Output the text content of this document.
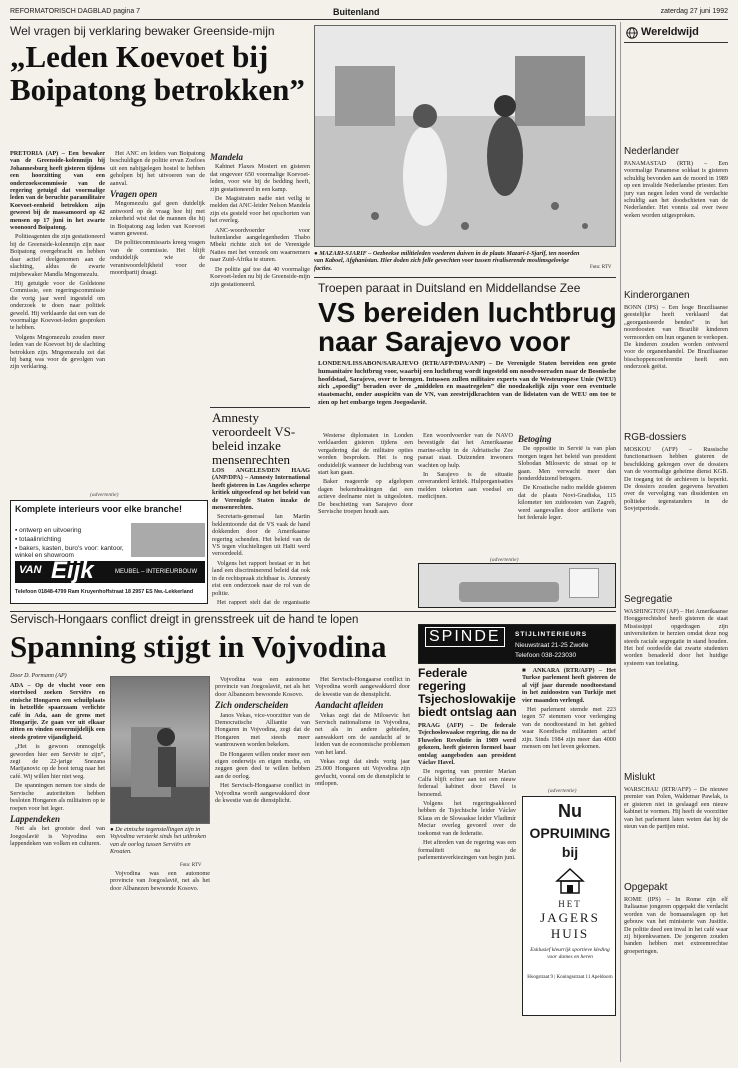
REFORMATORISCH DAGBLAD pagina 7	Buitenland	zaterdag 27 juni 1992
Wel vragen bij verklaring bewaker Greenside-mijn
„Leden Koevoet bij Boipatong betrokken”

PRETORIA (AP) – Een bewaker van de Greenside-kolenmijn bij Johannesburg heeft gisteren tijdens een hoorzitting van een onderzoekscommissie van de regering getuigd dat voormalige leden van de beruchte paramilitaire Koevoet-eenheid betrokken zijn geweest bij de massamoord op 42 mensen op 17 juni in het zwarte woonoord Boipatong.

Politieagenten die zijn gestationeerd bij de Greenside-kolenmijn zijn naar Boipatong overgebracht en hebben daar actief deelgenomen aan de slachting, aldus de zwarte mijnbewaker Mandla Mngomezulu.

Hij getuigde voor de Goldstone Commissie, een regeringscommissie die vorig jaar werd ingesteld om onderzoek te doen naar politiek geweld. Hij verklaarde dat een van de voormalige Koevoet-leden gesproken te hebben.

Volgens Mngomezulu zouden meer leden van de Koevoet bij de slachting betrokken zijn. Mngomezulu zei dat hij bang was voor de gevolgen van zijn verklaring.

Het ANC en leiders van Boipatong beschuldigen de politie ervan Zoeloes uit een nabijgelegen hostel te hebben geholpen bij het uitvoeren van de aanval.

Vragen open

Mngomezulu gaf geen duidelijk antwoord op de vraag hoe hij met zekerheid wist dat de mannen die hij in Boipatong zag leden van Koevoet waren geweest.

De politiecommissaris kreeg vragen van de commissie. Het blijft onduidelijk wie de verantwoordelijkheid voor de moordpartij draagt.

Mandela

Kabinet Flaxes Mostert en gisteren dat ongeveer 650 voormalige Koevoet-leden, voor wie bij de bedding heeft, zijn gestationeerd in een kamp.

De Magistraten nadie niet veilig te melden dat ANC-leider Nelson Mandela zijn eis gesteld voor het opschorten van het overleg.

ANC-woordvoerder voor buitenlandse aangelegenheden Thabo Mbeki richtte zich tot de Verenigde Naties met het verzoek om waarnemers naar Zuid-Afrika te sturen.

De politie gaf toe dat 40 voormalige Koevoet-leden nu bij de Greenside-mijn zijn gestationeerd.

● MAZARI-SJARIF – Oezbeekse militieleden voederen duiven in de plaats Mazari-I-Sjarif, ten noorden van Kaboel, Afghanistan. Hier doden zich felle gevechten voor tussen rivaliserende moslimsgelovige facties.	Foto: RTV
Amnesty veroordeelt VS-beleid inzake mensenrechten

LOS ANGELES/DEN HAAG (ANP/DPA) – Amnesty International heeft gisteren in Los Angeles scherpe kritiek uitgeoefend op het beleid van de Verenigde Staten inzake de mensenrechten.

Secretaris-generaal Ian Martin beklemtoonde dat de VS vaak de hand dokkenden door de Amerikaanse regering schenden. Het beleid van de VS tegen vluchtelingen uit Haïti werd veroordeeld.

Volgens het rapport bestaat er in het land een discriminerend beleid dat ook in de rechtspraak zichtbaar is. Amnesty eist een onderzoek naar de rol van de politie.

Het rapport stelt dat de organisatie

(advertentie)
Komplete interieurs voor elke branche!
▪ ontwerp en uitvoering
▪ totaalinrichting
▪ bakers, kasten, buro's voor: kantoor, winkel en showroom
VAN Eijk	MEUBEL – INTERIEURBOUW
Telefoon 01848-4799 Ram Kruyenhoffstraat 18 2957 ES Nw.-Lekkerland
Troepen paraat in Duitsland en Middellandse Zee
VS bereiden luchtbrug naar Sarajevo voor

LONDEN/LISSABON/SARAJEVO (RTR/AFP/DPA/ANP) – De Verenigde Staten bereiden een grote humanitaire luchtbrug voor, waarbij een luchtbrug wordt ingesteld om noodvoorraden naar de Bosnische hoofdstad, Sarajevo, over te brengen. Intussen zullen militaire experts van de Westeuropese Unie (WEU) zich „spoedig” beraden over de „middelen en maatregelen” die noodzakelijk zijn voor een eventuele staatsmacht, onder auspiciën van de VN, van zeestrijdkrachten van de lidstaten van de WEU om toe te zien op het embargo tegen Joegoslavië.

Westerse diplomaten in Londen verklaarden gisteren tijdens een vergadering dat de militaire opties worden besproken. Het is nog onduidelijk wanneer de luchtbrug van start kan gaan.

Baker reageerde op afgelopen dagen bekendmakingen dat een actieve deelname niet is uitgesloten. De beschieting van Sarajevo door Servische troepen houdt aan.

Een woordvoerder van de NAVO bevestigde dat het Amerikaanse marine-schip in de Adriatische Zee paraat staat. Duizenden inwoners wachten op hulp.

In Sarajevo is de situatie onveranderd kritiek. Hulporganisaties melden tekorten aan voedsel en medicijnen.

Betoging

De oppositie in Servië is van plan morgen tegen het beleid van president Slobodan Milosevic de straat op te gaan. Men verwacht meer dan honderdduizend betogers.

De Kroatische radio meldde gisteren dat de plaats Novi-Gradiska, 115 kilometer ten zuidoosten van Zagreb, werd aangevallen door artillerie van het federale leger.

(advertentie)
Servisch-Hongaars conflict dreigt in grensstreek uit de hand te lopen
Spanning stijgt in Vojvodina
Door D. Pormann (AP)

ADA – Op de vlucht voor een stortvloed zoeken Serviërs en etnische Hongaren een schuilplaats in hetzelfde spaarzaam verlichte café in Ada, aan de grens met Hongarije. Ze gaan ver uit elkaar zitten en vinden onvermijdelijk een steeds grotere vijandigheid.

„Het is gewoon onmogelijk geworden hier een Serviër te zijn”, zegt de 22-jarige Snezana Marijanovic op de boot terug naar het café. Wij willen hier niet weg.

De spanningen nemen toe sinds de Servische autoriteiten hebben besloten Hongaren als militairen op te roepen voor het leger.

Lappendeken

Net als het grootste deel van Joegoslavië is Vojvodina een lappendeken van volken en culturen.

● De etnische tegenstellingen zijn in Vojvodina versterkt sinds het uitbreken van de oorlog tussen Serviërs en Kroaten.
Foto: RTV

Vojvodina was een autonome provincie van Joegoslavië, net als het door Albanezen bewoonde Kosovo.

Vojvodina was een autonome provincie van Joegoslavië, net als het door Albanezen bewoonde Kosovo.

Zich onderscheiden

Janos Vekas, vice-voorzitter van de Democratische Alliantie van Hongaren in Vojvodina, zegt dat de Hongaren met steeds meer wantrouwen worden bekeken.

De Hongaren willen onder meer een eigen onderwijs en eigen media, en zeggen geen deel te willen hebben aan de oorlog.

Het Servisch-Hongaarse conflict in Vojvodina wordt aangewakkerd door de kwestie van de dienstplicht.

Het Servisch-Hongaarse conflict in Vojvodina wordt aangewakkerd door de kwestie van de dienstplicht.

Aandacht afleiden

Vekas zegt dat de Milosevic het Servisch nationalisme in Vojvodina, net als in andere gebieden, aanwakkert om de aandacht af te leiden van de economische problemen van het land.

Vekas zegt dat sinds vorig jaar 25.000 Hongaren uit Vojvodina zijn gevlucht, vooral om de dienstplicht te ontlopen.

SPINDE	STIJLINTERIEURS
Nieuwstraat 21-25 Zwolle
Telefoon 038-223030
Federale regering Tsjechoslowakije biedt ontslag aan

PRAAG (AFP) – De federale Tsjechoslowaakse regering, die na de Fluwelen Revolutie in 1989 werd gekozen, heeft gisteren formeel haar ontslag aangeboden aan president Václav Havel.

De regering van premier Marian Calfa blijft echter aan tot een nieuw federaal kabinet door Havel is benoemd.

Volgens het regeringsakkoord hebben de Tsjechische leider Václav Klaus en de Slowaakse leider Vladimír Meciar overleg gevoerd over de toekomst van de federatie.

Het aftreden van de regering was een formaliteit na de parlementsverkiezingen van begin juni.

■ ANKARA (RTR/AFP) – Het Turkse parlement heeft gisteren de al vijf jaar durende noodtoestand in het zuidoosten van Turkije met vier maanden verlengd.

Het parlement stemde met 223 tegen 57 stemmen voor verlenging van de noodtoestand in het gebied waar Koerdische militanten actief zijn. Sinds 1984 zijn meer dan 4000 mensen om het leven gekomen.

(advertentie)
Nu
OPRUIMING
bij
HET
JAGERS
HUIS
Exklusief kleurrijk sportieve kleding voor dames en heren
Hoogstraat 9 | Koningsstraat 11 Apeldoorn
Wereldwijd
Nederlander
PANAMASTAD (RTR) – Een voormalige Panamese soldaat is gisteren schuldig bevonden aan de moord in 1989 op een invalide Nederlandse priester. Een jury van negen leden vond de verdachte schuldig aan het doodschieten van de Nederlander. Het vonnis zal over twee weken worden uitgesproken.
Kinderorganen
BONN (IPS) – Een hoge Braziliaanse geestelijke heeft verklaard dat „georganiseerde bendes” in het noordoosten van Brazilië kinderen vermoorden om hun organen te verkopen. De kinderen zouden worden ontvoerd voor de organenhandel. De Braziliaanse bisschoppenconferentie heeft een onderzoek geëist.
RGB-dossiers
MOSKOU (AFP) – Russische functionarissen hebben gisteren de beschikking gekregen over de dossiers van de voormalige geheime dienst KGB. De toegang tot de archieven is beperkt. De dossiers zouden gegevens bevatten over de vervolging van dissidenten en politieke tegenstanders in de Sovjetperiode.
Segregatie
WASHINGTON (AP) – Het Amerikaanse Hooggerechtshof heeft gisteren de staat Mississippi opgedragen zijn universiteiten te herzien omdat deze nog steeds raciale segregatie in stand houden. Het hof oordeelde dat zwarte studenten worden benadeeld door het huidige systeem van toelating.
Mislukt
WARSCHAU (RTR/AFP) – De nieuwe premier van Polen, Waldemar Pawlak, is er gisteren niet in geslaagd een nieuw kabinet te vormen. Hij heeft de voorzitter van het parlement laten weten dat hij de steun van de partijen mist.
Opgepakt
ROME (IPS) – In Rome zijn elf Italiaanse jongeren opgepakt die verdacht worden van de bomaanslagen op het gebouw van het ministerie van Justitie. De politie deed een inval in het café waar zij bijeenkwamen. De jongeren zouden banden hebben met extreemrechtse groeperingen.
